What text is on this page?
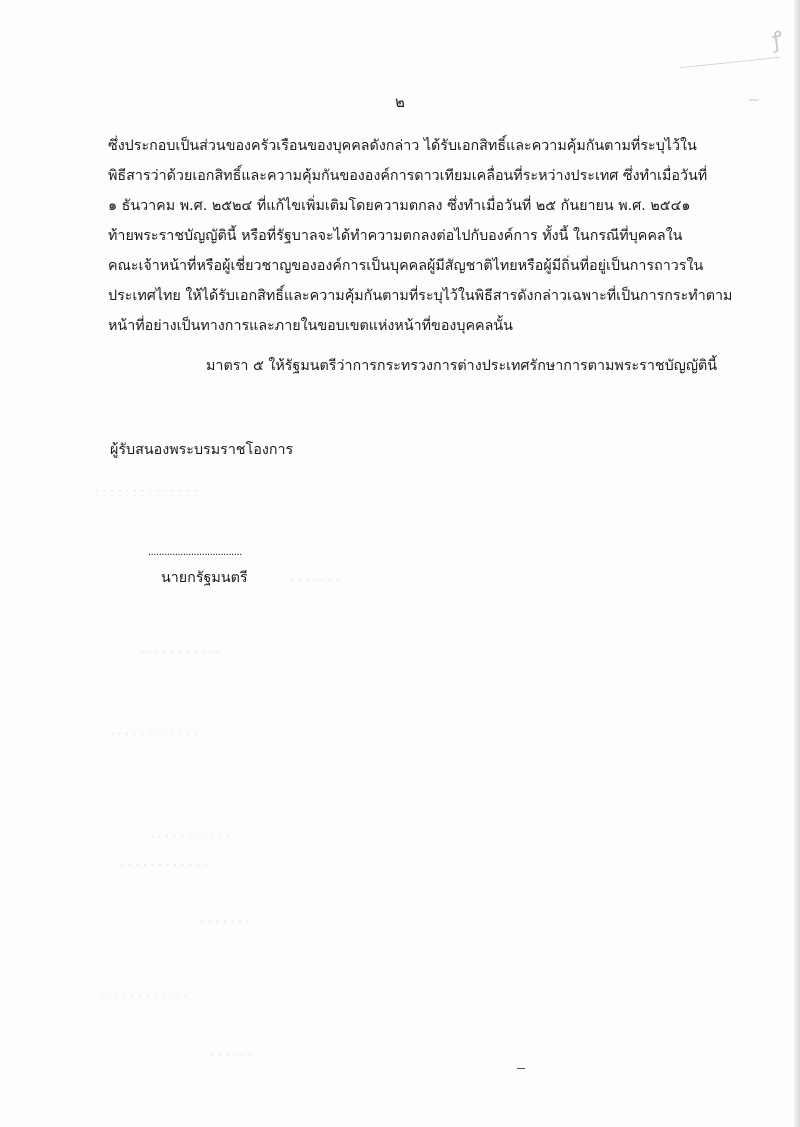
ꝭ
~
๒
ซึ่งประกอบเป็นส่วนของครัวเรือนของบุคคลดังกล่าว ได้รับเอกสิทธิ์และความคุ้มกันตามที่ระบุไว้ใน
พิธีสารว่าด้วยเอกสิทธิ์และความคุ้มกันขององค์การดาวเทียมเคลื่อนที่ระหว่างประเทศ ซึ่งทำเมื่อวันที่
๑ ธันวาคม พ.ศ. ๒๕๒๔ ที่แก้ไขเพิ่มเติมโดยความตกลง ซึ่งทำเมื่อวันที่ ๒๕ กันยายน พ.ศ. ๒๕๔๑
ท้ายพระราชบัญญัตินี้ หรือที่รัฐบาลจะได้ทำความตกลงต่อไปกับองค์การ ทั้งนี้ ในกรณีที่บุคคลใน
คณะเจ้าหน้าที่หรือผู้เชี่ยวชาญขององค์การเป็นบุคคลผู้มีสัญชาติไทยหรือผู้มีถิ่นที่อยู่เป็นการถาวรใน
ประเทศไทย ให้ได้รับเอกสิทธิ์และความคุ้มกันตามที่ระบุไว้ในพิธีสารดังกล่าวเฉพาะที่เป็นการกระทำตาม
หน้าที่อย่างเป็นทางการและภายในขอบเขตแห่งหน้าที่ของบุคคลนั้น
มาตรา ๕ ให้รัฐมนตรีว่าการกระทรวงการต่างประเทศรักษาการตามพระราชบัญญัตินี้
ผู้รับสนองพระบรมราชโองการ
...................................
นายกรัฐมนตรี
· · · · · · · · · · · · · ·
· · · · · · ·
· · · · · · · · · · ·
· · · · · · · · · · · ·
· · · · · · · · · · ·
· · · · · · · · · · · ·
· · · · · · ·
· · · · · · · · · · · ·
· · · · · ·
